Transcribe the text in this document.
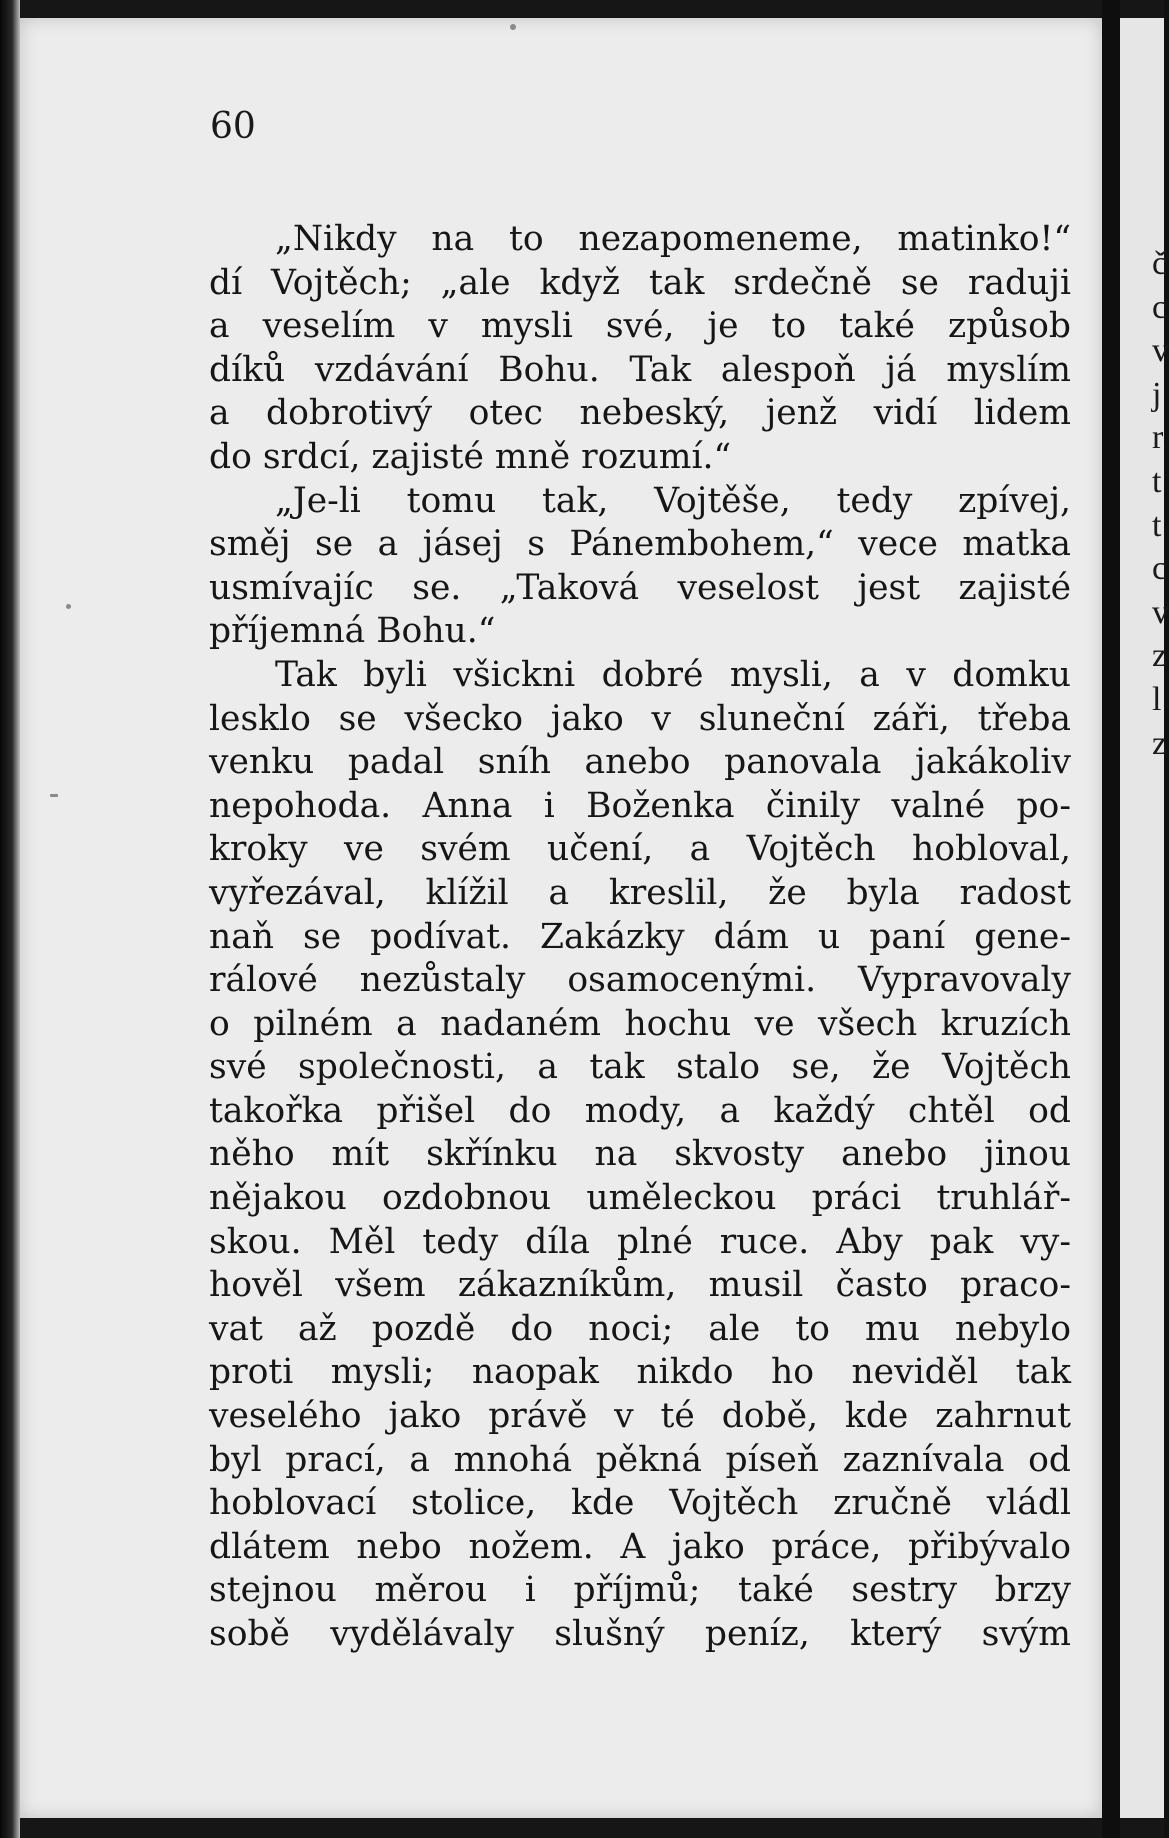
60
„Nikdy na to nezapomeneme, matinko!“
dí Vojtěch; „ale když tak srdečně se raduji
a veselím v mysli své, je to také způsob
díků vzdávání Bohu. Tak alespoň já myslím
a dobrotivý otec nebeský, jenž vidí lidem
do srdcí, zajisté mně rozumí.“
„Je-li tomu tak, Vojtěše, tedy zpívej,
směj se a jásej s Pánembohem,“ vece matka
usmívajíc se. „Taková veselost jest zajisté
příjemná Bohu.“
Tak byli všickni dobré mysli, a v domku
lesklo se všecko jako v sluneční záři, třeba
venku padal sníh anebo panovala jakákoliv
nepohoda. Anna i Boženka činily valné po-
kroky ve svém učení, a Vojtěch hobloval,
vyřezával, klížil a kreslil, že byla radost
naň se podívat. Zakázky dám u paní gene-
rálové nezůstaly osamocenými. Vypravovaly
o pilném a nadaném hochu ve všech kruzích
své společnosti, a tak stalo se, že Vojtěch
takořka přišel do mody, a každý chtěl od
něho mít skřínku na skvosty anebo jinou
nějakou ozdobnou uměleckou práci truhlář-
skou. Měl tedy díla plné ruce. Aby pak vy-
hověl všem zákazníkům, musil často praco-
vat až pozdě do noci; ale to mu nebylo
proti mysli; naopak nikdo ho neviděl tak
veselého jako právě v té době, kde zahrnut
byl prací, a mnohá pěkná píseň zaznívala od
hoblovací stolice, kde Vojtěch zručně vládl
dlátem nebo nožem. A jako práce, přibývalo
stejnou měrou i příjmů; také sestry brzy
sobě vydělávaly slušný peníz, který svým
č
c
v
j
r
t
t
c
v
z
l
z
